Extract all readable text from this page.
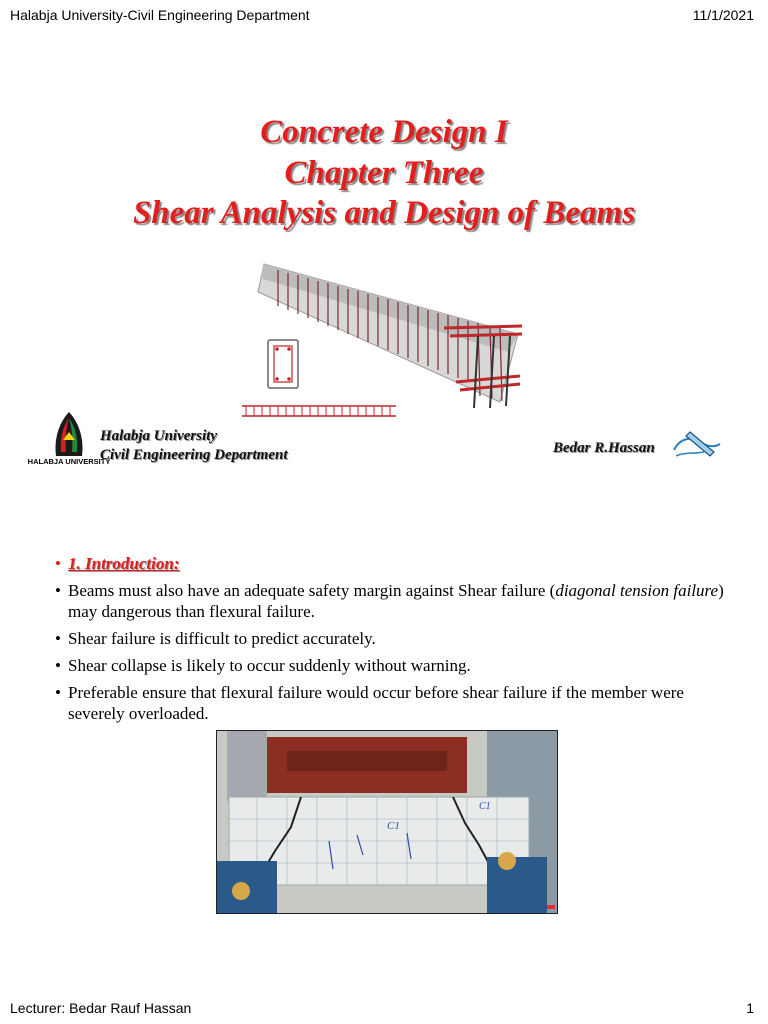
Halabja University-Civil Engineering Department	11/1/2021
Concrete Design I
Chapter Three
Shear Analysis and Design of Beams
HALABJA UNIVERSITY
Halabja University
Civil Engineering Department	Bedar R.Hassan
• 1. Introduction:
• Beams must also have an adequate safety margin against Shear failure (diagonal tension failure) may dangerous than flexural failure.
• Shear failure is difficult to predict accurately.
• Shear collapse is likely to occur suddenly without warning.
• Preferable ensure that flexural failure would occur before shear failure if the member were severely overloaded.
C1
C1
Lecturer: Bedar Rauf Hassan	1
